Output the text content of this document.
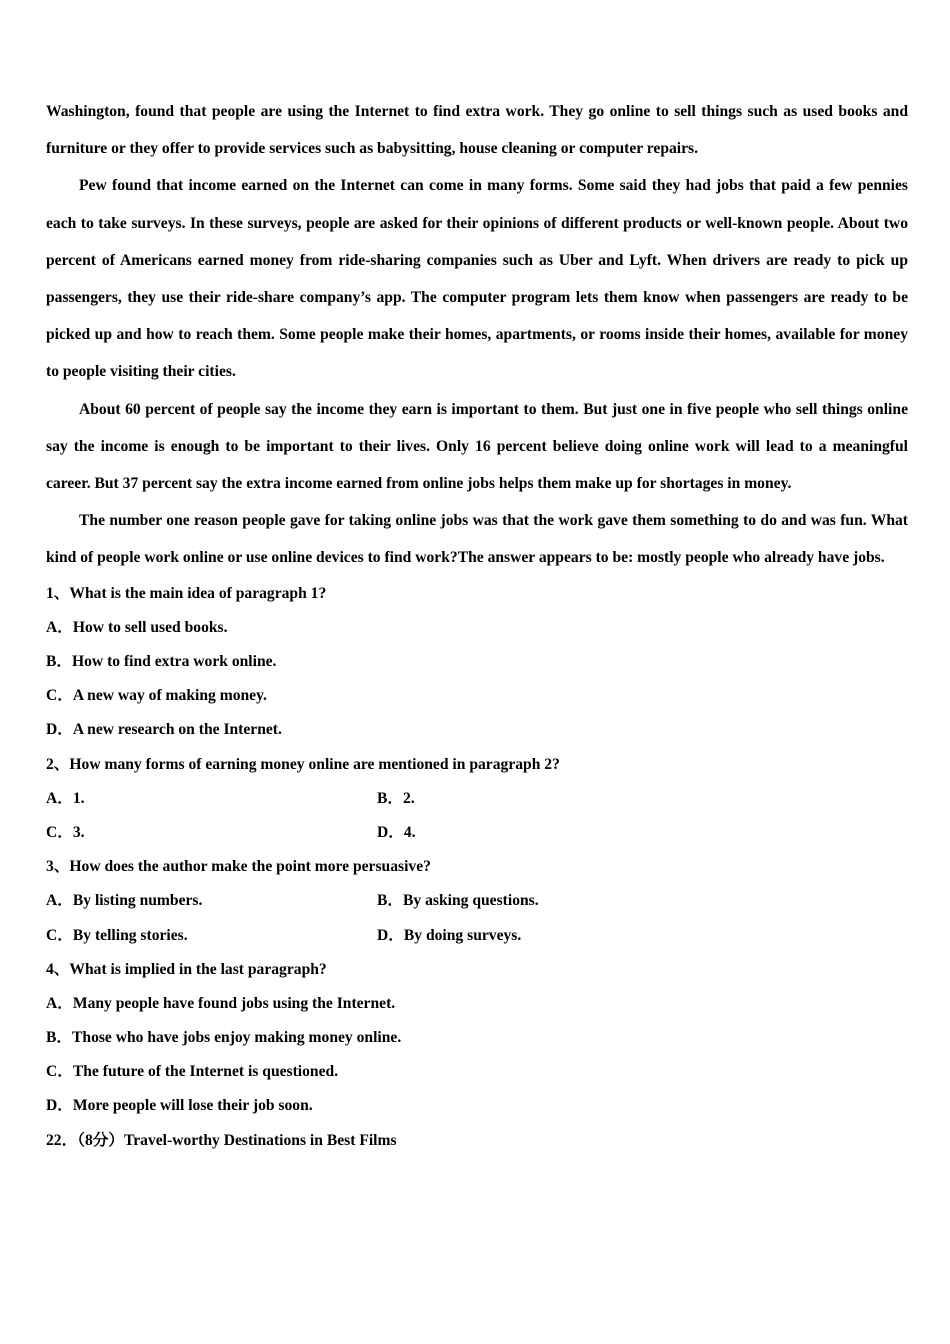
Washington, found that people are using the Internet to find extra work. They go online to sell things such as used books and furniture or they offer to provide services such as babysitting, house cleaning or computer repairs.

Pew found that income earned on the Internet can come in many forms. Some said they had jobs that paid a few pennies each to take surveys. In these surveys, people are asked for their opinions of different products or well-known people. About two percent of Americans earned money from ride-sharing companies such as Uber and Lyft. When drivers are ready to pick up passengers, they use their ride-share company’s app. The computer program lets them know when passengers are ready to be picked up and how to reach them. Some people make their homes, apartments, or rooms inside their homes, available for money to people visiting their cities.

About 60 percent of people say the income they earn is important to them. But just one in five people who sell things online say the income is enough to be important to their lives. Only 16 percent believe doing online work will lead to a meaningful career. But 37 percent say the extra income earned from online jobs helps them make up for shortages in money.

The number one reason people gave for taking online jobs was that the work gave them something to do and was fun. What kind of people work online or use online devices to find work?The answer appears to be: mostly people who already have jobs.

1、What is the main idea of paragraph 1?
A．How to sell used books.
B．How to find extra work online.
C．A new way of making money.
D．A new research on the Internet.
2、How many forms of earning money online are mentioned in paragraph 2?
A．1.	B．2.
C．3.	D．4.
3、How does the author make the point more persuasive?
A．By listing numbers.	B．By asking questions.
C．By telling stories.	D．By doing surveys.
4、What is implied in the last paragraph?
A．Many people have found jobs using the Internet.
B．Those who have jobs enjoy making money online.
C．The future of the Internet is questioned.
D．More people will lose their job soon.
22．（8分）Travel-worthy Destinations in Best Films
